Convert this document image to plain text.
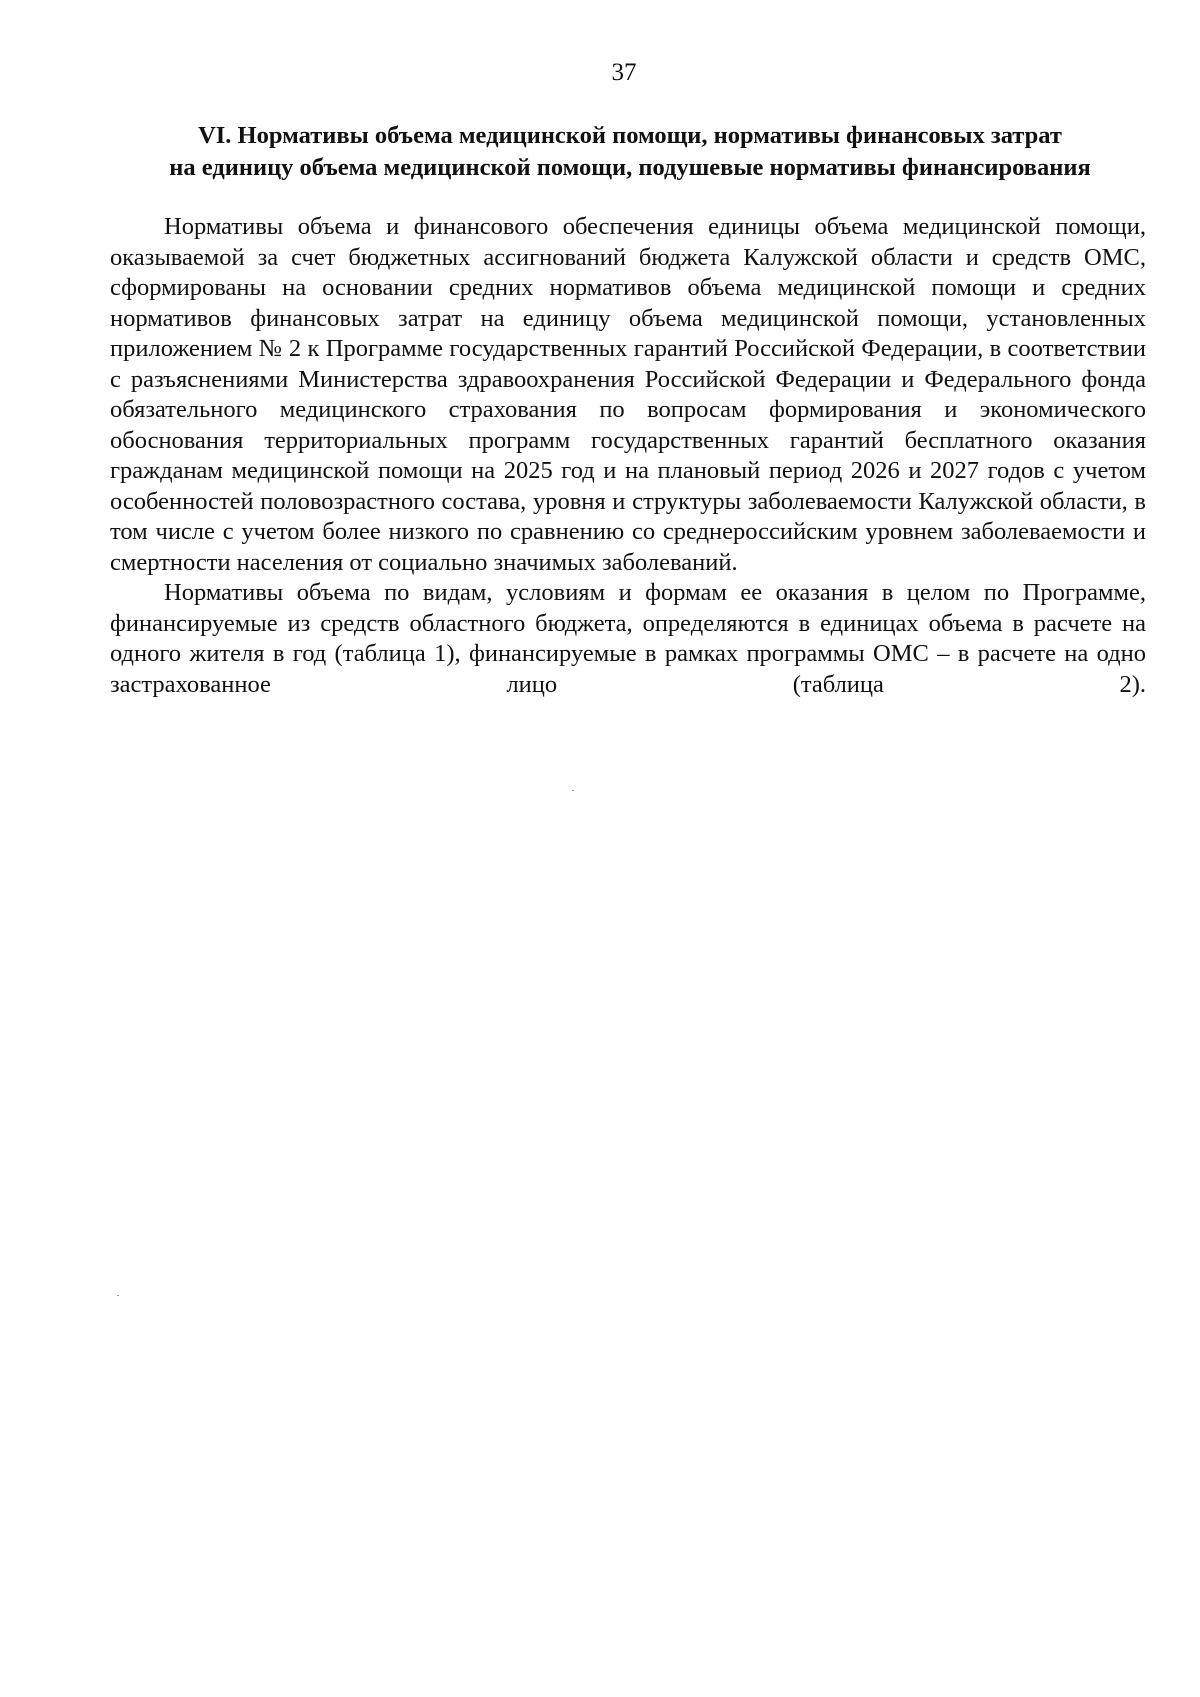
37
VI. Нормативы объема медицинской помощи, нормативы финансовых затрат
на единицу объема медицинской помощи, подушевые нормативы финансирования

Нормативы объема и финансового обеспечения единицы объема медицинской помощи, оказываемой за счет бюджетных ассигнований бюджета Калужской области и средств ОМС, сформированы на основании средних нормативов объема медицинской помощи и средних нормативов финансовых затрат на единицу объема медицинской помощи, установленных приложением № 2 к Программе государственных гарантий Российской Федерации, в соответствии с разъяснениями Министерства здравоохранения Российской Федерации и Федерального фонда обязательного медицинского страхования по вопросам формирования и экономического обоснования территориальных программ государственных гарантий бесплатного оказания гражданам медицинской помощи на 2025 год и на плановый период 2026 и 2027 годов с учетом особенностей половозрастного состава, уровня и структуры заболеваемости Калужской области, в том числе с учетом более низкого по сравнению со среднероссийским уровнем заболеваемости и смертности населения от социально значимых заболеваний.

Нормативы объема по видам, условиям и формам ее оказания в целом по Программе, финансируемые из средств областного бюджета, определяются в единицах объема в расчете на одного жителя в год (таблица 1), финансируемые в рамках программы ОМС – в расчете на одно застрахованное лицо (таблица 2).
